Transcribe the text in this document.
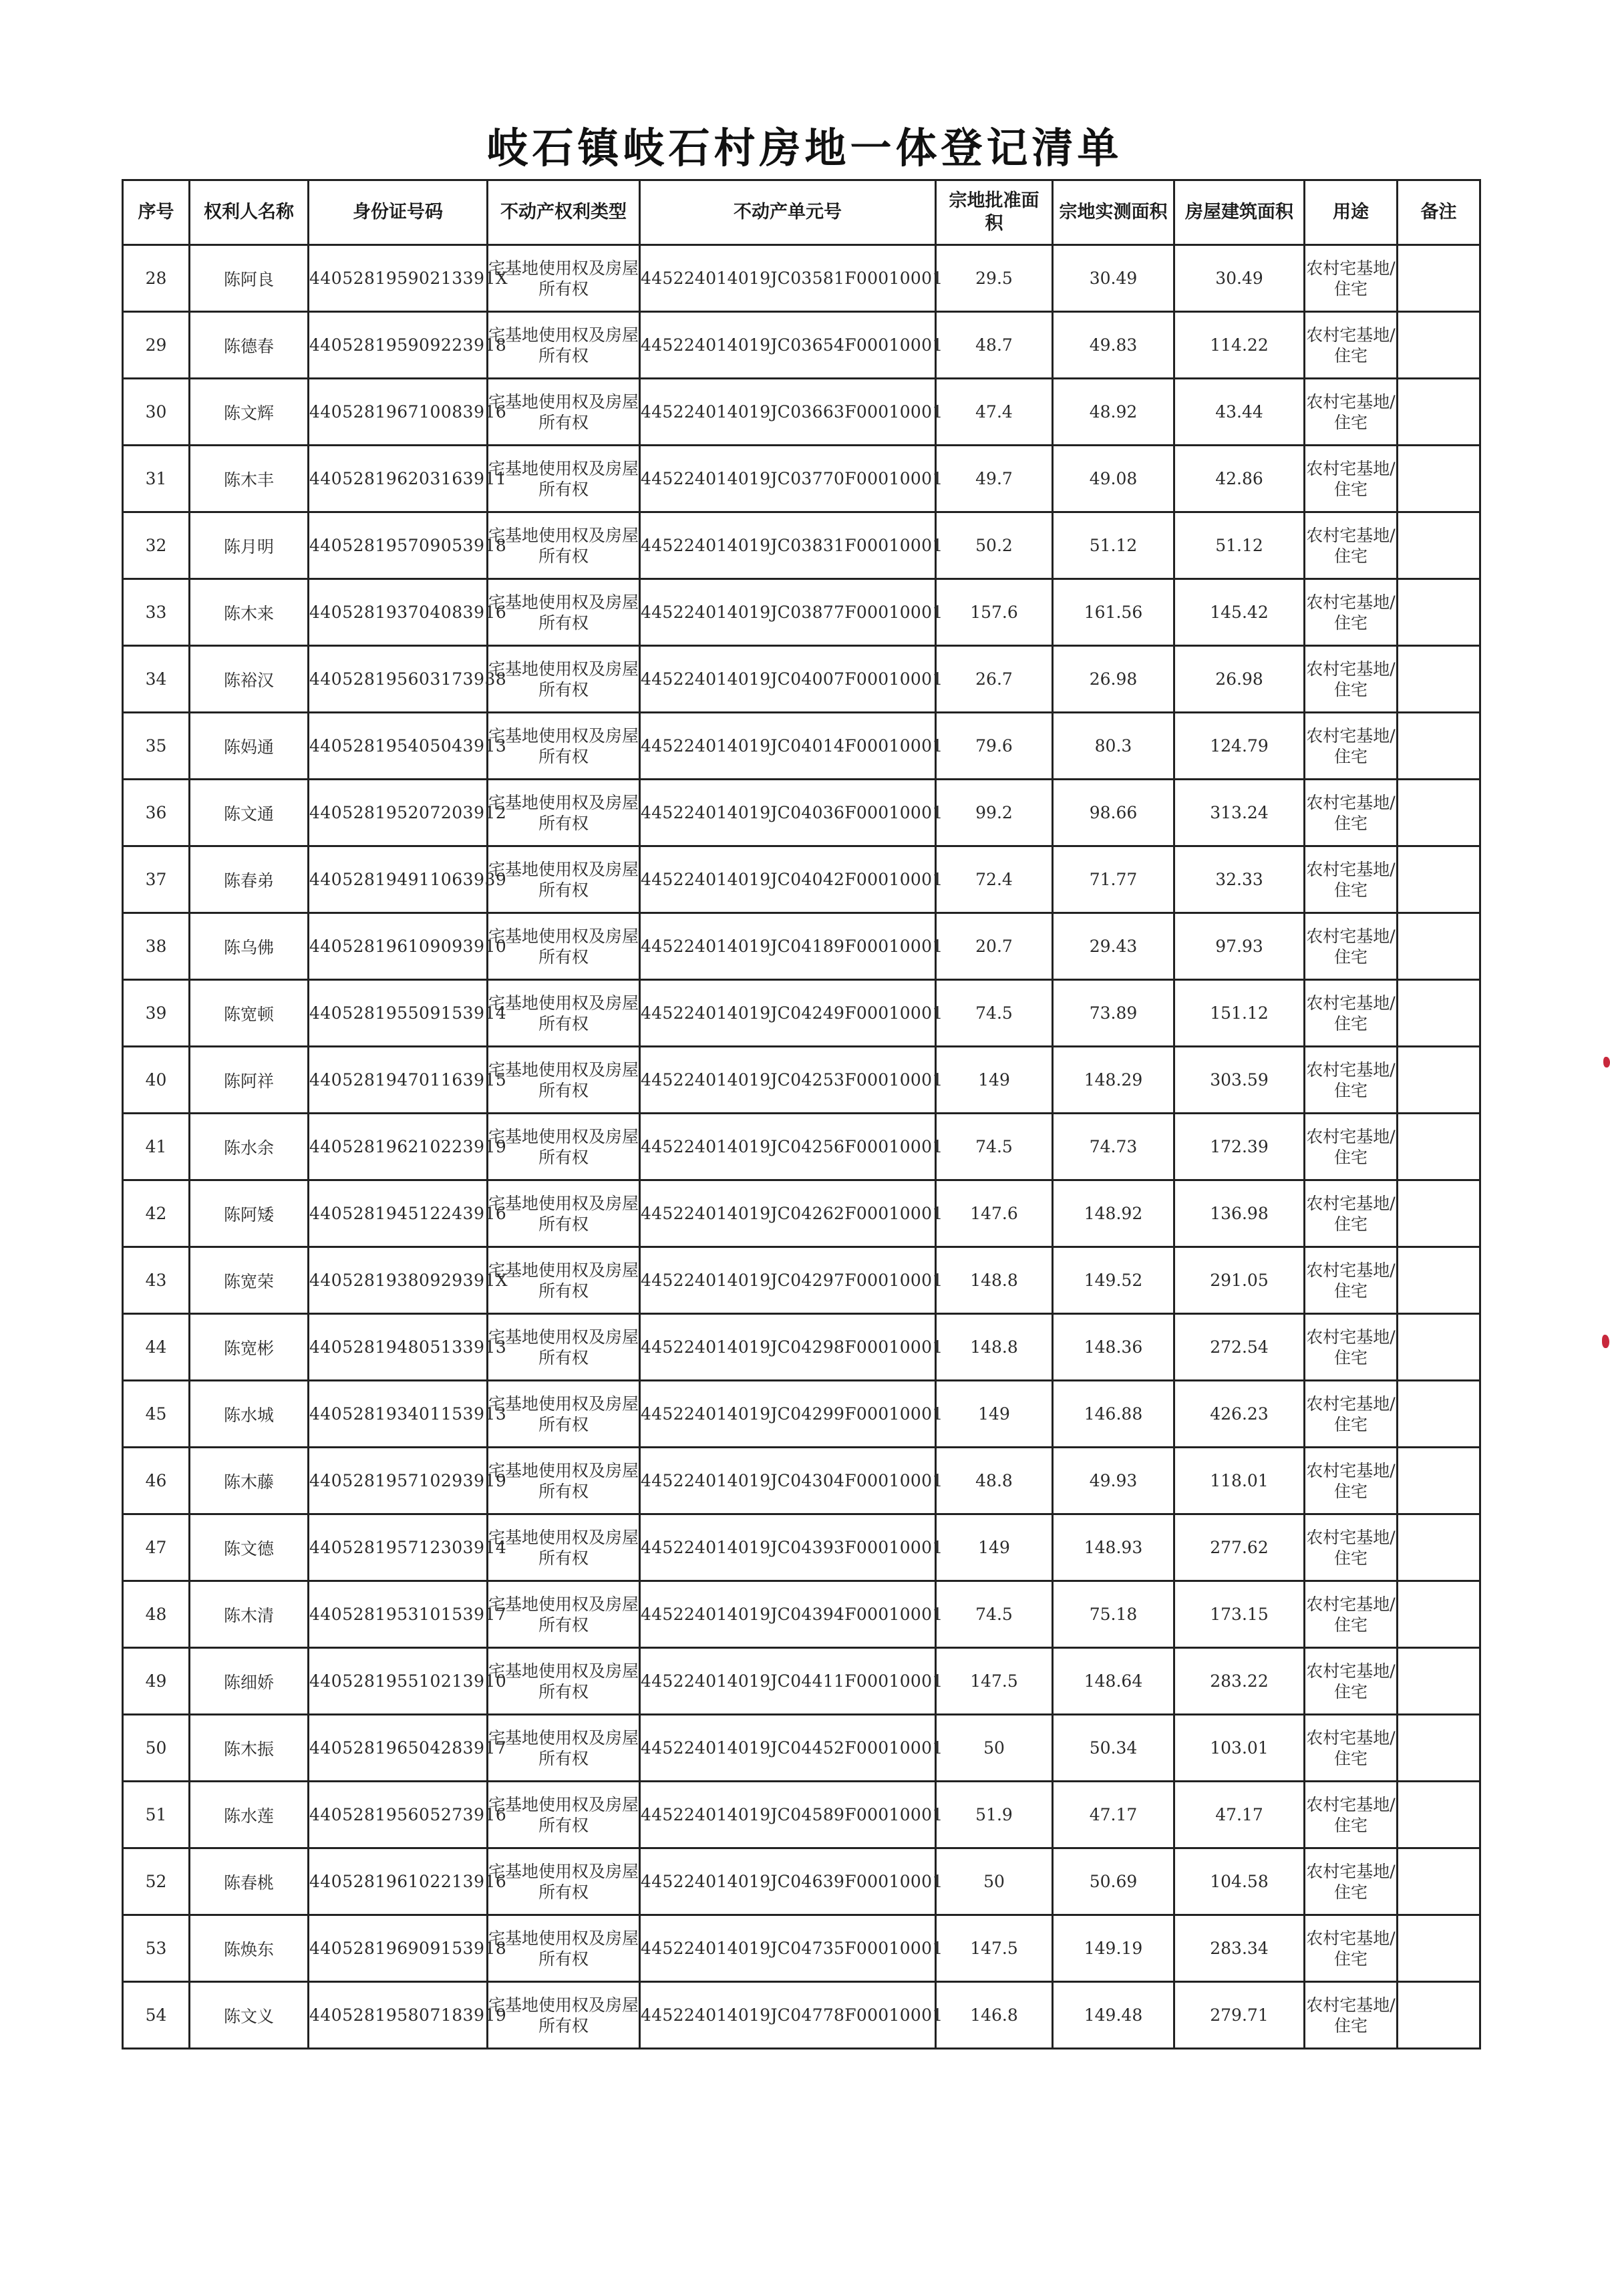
岐石镇岐石村房地一体登记清单
序号	权利人名称	身份证号码	不动产权利类型	不动产单元号	宗地批准面积	宗地实测面积	房屋建筑面积	用途	备注
28	陈阿良	44052819590213391X	宅基地使用权及房屋所有权	445224014019JC03581F00010001	29.5	30.49	30.49	农村宅基地/住宅	
29	陈德春	440528195909223918	宅基地使用权及房屋所有权	445224014019JC03654F00010001	48.7	49.83	114.22	农村宅基地/住宅	
30	陈文辉	440528196710083916	宅基地使用权及房屋所有权	445224014019JC03663F00010001	47.4	48.92	43.44	农村宅基地/住宅	
31	陈木丰	440528196203163911	宅基地使用权及房屋所有权	445224014019JC03770F00010001	49.7	49.08	42.86	农村宅基地/住宅	
32	陈月明	440528195709053918	宅基地使用权及房屋所有权	445224014019JC03831F00010001	50.2	51.12	51.12	农村宅基地/住宅	
33	陈木来	440528193704083916	宅基地使用权及房屋所有权	445224014019JC03877F00010001	157.6	161.56	145.42	农村宅基地/住宅	
34	陈裕汉	440528195603173938	宅基地使用权及房屋所有权	445224014019JC04007F00010001	26.7	26.98	26.98	农村宅基地/住宅	
35	陈妈通	440528195405043913	宅基地使用权及房屋所有权	445224014019JC04014F00010001	79.6	80.3	124.79	农村宅基地/住宅	
36	陈文通	440528195207203912	宅基地使用权及房屋所有权	445224014019JC04036F00010001	99.2	98.66	313.24	农村宅基地/住宅	
37	陈春弟	440528194911063939	宅基地使用权及房屋所有权	445224014019JC04042F00010001	72.4	71.77	32.33	农村宅基地/住宅	
38	陈乌佛	440528196109093910	宅基地使用权及房屋所有权	445224014019JC04189F00010001	20.7	29.43	97.93	农村宅基地/住宅	
39	陈宽顿	440528195509153914	宅基地使用权及房屋所有权	445224014019JC04249F00010001	74.5	73.89	151.12	农村宅基地/住宅	
40	陈阿祥	440528194701163915	宅基地使用权及房屋所有权	445224014019JC04253F00010001	149	148.29	303.59	农村宅基地/住宅	
41	陈水余	440528196210223919	宅基地使用权及房屋所有权	445224014019JC04256F00010001	74.5	74.73	172.39	农村宅基地/住宅	
42	陈阿矮	440528194512243916	宅基地使用权及房屋所有权	445224014019JC04262F00010001	147.6	148.92	136.98	农村宅基地/住宅	
43	陈宽荣	44052819380929391X	宅基地使用权及房屋所有权	445224014019JC04297F00010001	148.8	149.52	291.05	农村宅基地/住宅	
44	陈宽彬	440528194805133913	宅基地使用权及房屋所有权	445224014019JC04298F00010001	148.8	148.36	272.54	农村宅基地/住宅	
45	陈水城	440528193401153913	宅基地使用权及房屋所有权	445224014019JC04299F00010001	149	146.88	426.23	农村宅基地/住宅	
46	陈木藤	440528195710293919	宅基地使用权及房屋所有权	445224014019JC04304F00010001	48.8	49.93	118.01	农村宅基地/住宅	
47	陈文德	440528195712303914	宅基地使用权及房屋所有权	445224014019JC04393F00010001	149	148.93	277.62	农村宅基地/住宅	
48	陈木清	440528195310153917	宅基地使用权及房屋所有权	445224014019JC04394F00010001	74.5	75.18	173.15	农村宅基地/住宅	
49	陈细娇	440528195510213910	宅基地使用权及房屋所有权	445224014019JC04411F00010001	147.5	148.64	283.22	农村宅基地/住宅	
50	陈木振	440528196504283917	宅基地使用权及房屋所有权	445224014019JC04452F00010001	50	50.34	103.01	农村宅基地/住宅	
51	陈水莲	440528195605273916	宅基地使用权及房屋所有权	445224014019JC04589F00010001	51.9	47.17	47.17	农村宅基地/住宅	
52	陈春桃	440528196102213916	宅基地使用权及房屋所有权	445224014019JC04639F00010001	50	50.69	104.58	农村宅基地/住宅	
53	陈焕东	440528196909153918	宅基地使用权及房屋所有权	445224014019JC04735F00010001	147.5	149.19	283.34	农村宅基地/住宅	
54	陈文义	440528195807183919	宅基地使用权及房屋所有权	445224014019JC04778F00010001	146.8	149.48	279.71	农村宅基地/住宅	
